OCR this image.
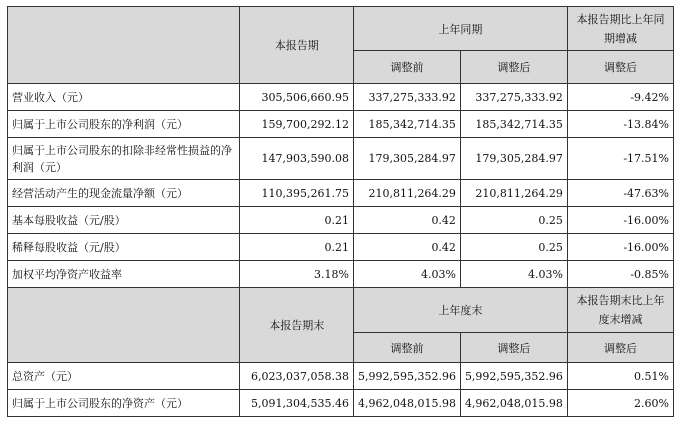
	本报告期	上年同期		本报告期比上年同期增减
		调整前	调整后	调整后
营业收入（元）	305,506,660.95	337,275,333.92	337,275,333.92	-9.42%
归属于上市公司股东的净利润（元）	159,700,292.12	185,342,714.35	185,342,714.35	-13.84%
归属于上市公司股东的扣除非经常性损益的净利润（元）	147,903,590.08	179,305,284.97	179,305,284.97	-17.51%
经营活动产生的现金流量净额（元）	110,395,261.75	210,811,264.29	210,811,264.29	-47.63%
基本每股收益（元/股）	0.21	0.42	0.25	-16.00%
稀释每股收益（元/股）	0.21	0.42	0.25	-16.00%
加权平均净资产收益率	3.18%	4.03%	4.03%	-0.85%
	本报告期末	上年度末		本报告期末比上年度末增减
		调整前	调整后	调整后
总资产（元）	6,023,037,058.38	5,992,595,352.96	5,992,595,352.96	0.51%
归属于上市公司股东的净资产（元）	5,091,304,535.46	4,962,048,015.98	4,962,048,015.98	2.60%
